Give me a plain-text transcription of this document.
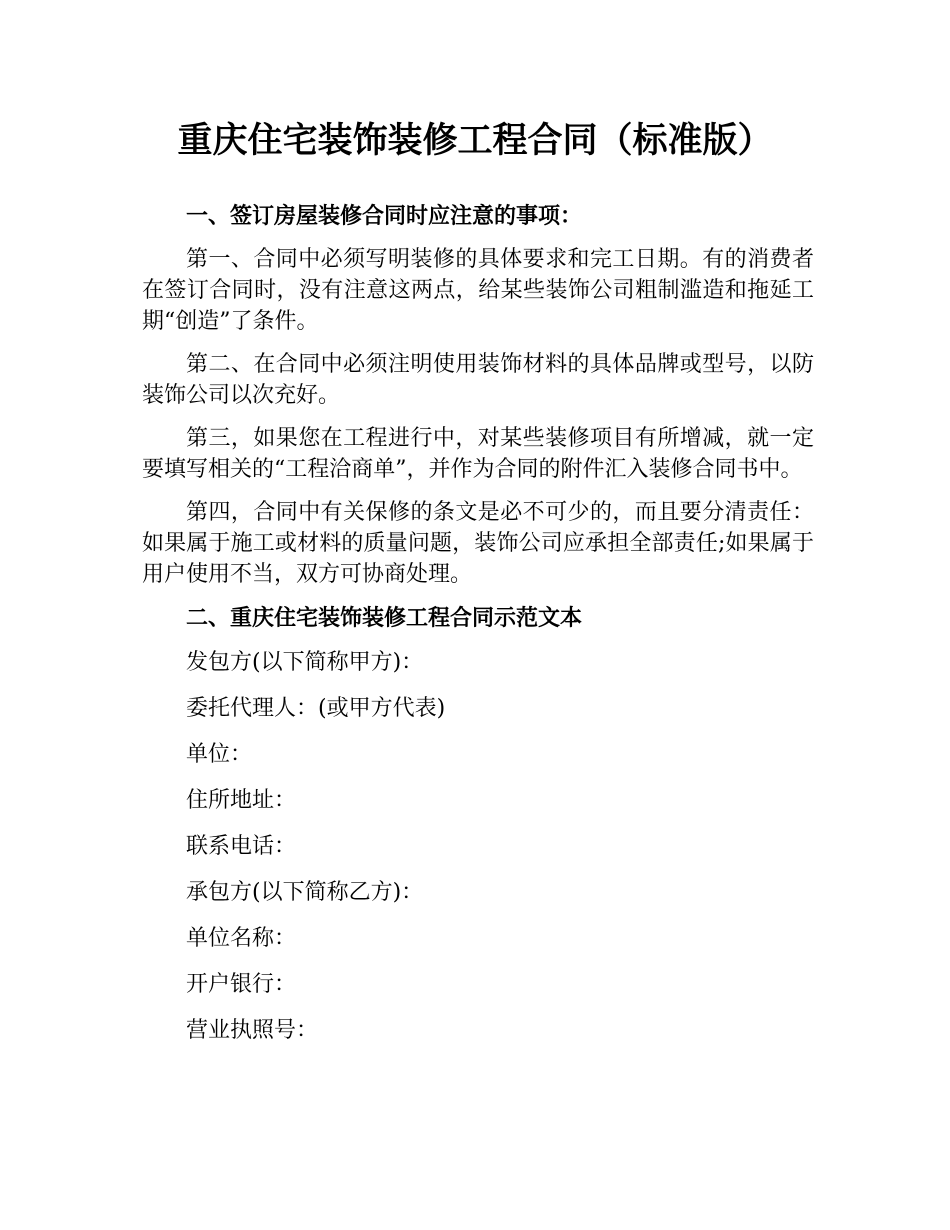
重庆住宅装饰装修工程合同（标准版）
一、签订房屋装修合同时应注意的事项：

第一、合同中必须写明装修的具体要求和完工日期。有的消费者在签订合同时，没有注意这两点，给某些装饰公司粗制滥造和拖延工期“创造”了条件。

第二、在合同中必须注明使用装饰材料的具体品牌或型号，以防装饰公司以次充好。

第三，如果您在工程进行中，对某些装修项目有所增减，就一定要填写相关的“工程洽商单”，并作为合同的附件汇入装修合同书中。

第四，合同中有关保修的条文是必不可少的，而且要分清责任：如果属于施工或材料的质量问题，装饰公司应承担全部责任;如果属于用户使用不当，双方可协商处理。

二、重庆住宅装饰装修工程合同示范文本
发包方(以下简称甲方)：
委托代理人：(或甲方代表)
单位：
住所地址：
联系电话：
承包方(以下简称乙方)：
单位名称：
开户银行：
营业执照号：
